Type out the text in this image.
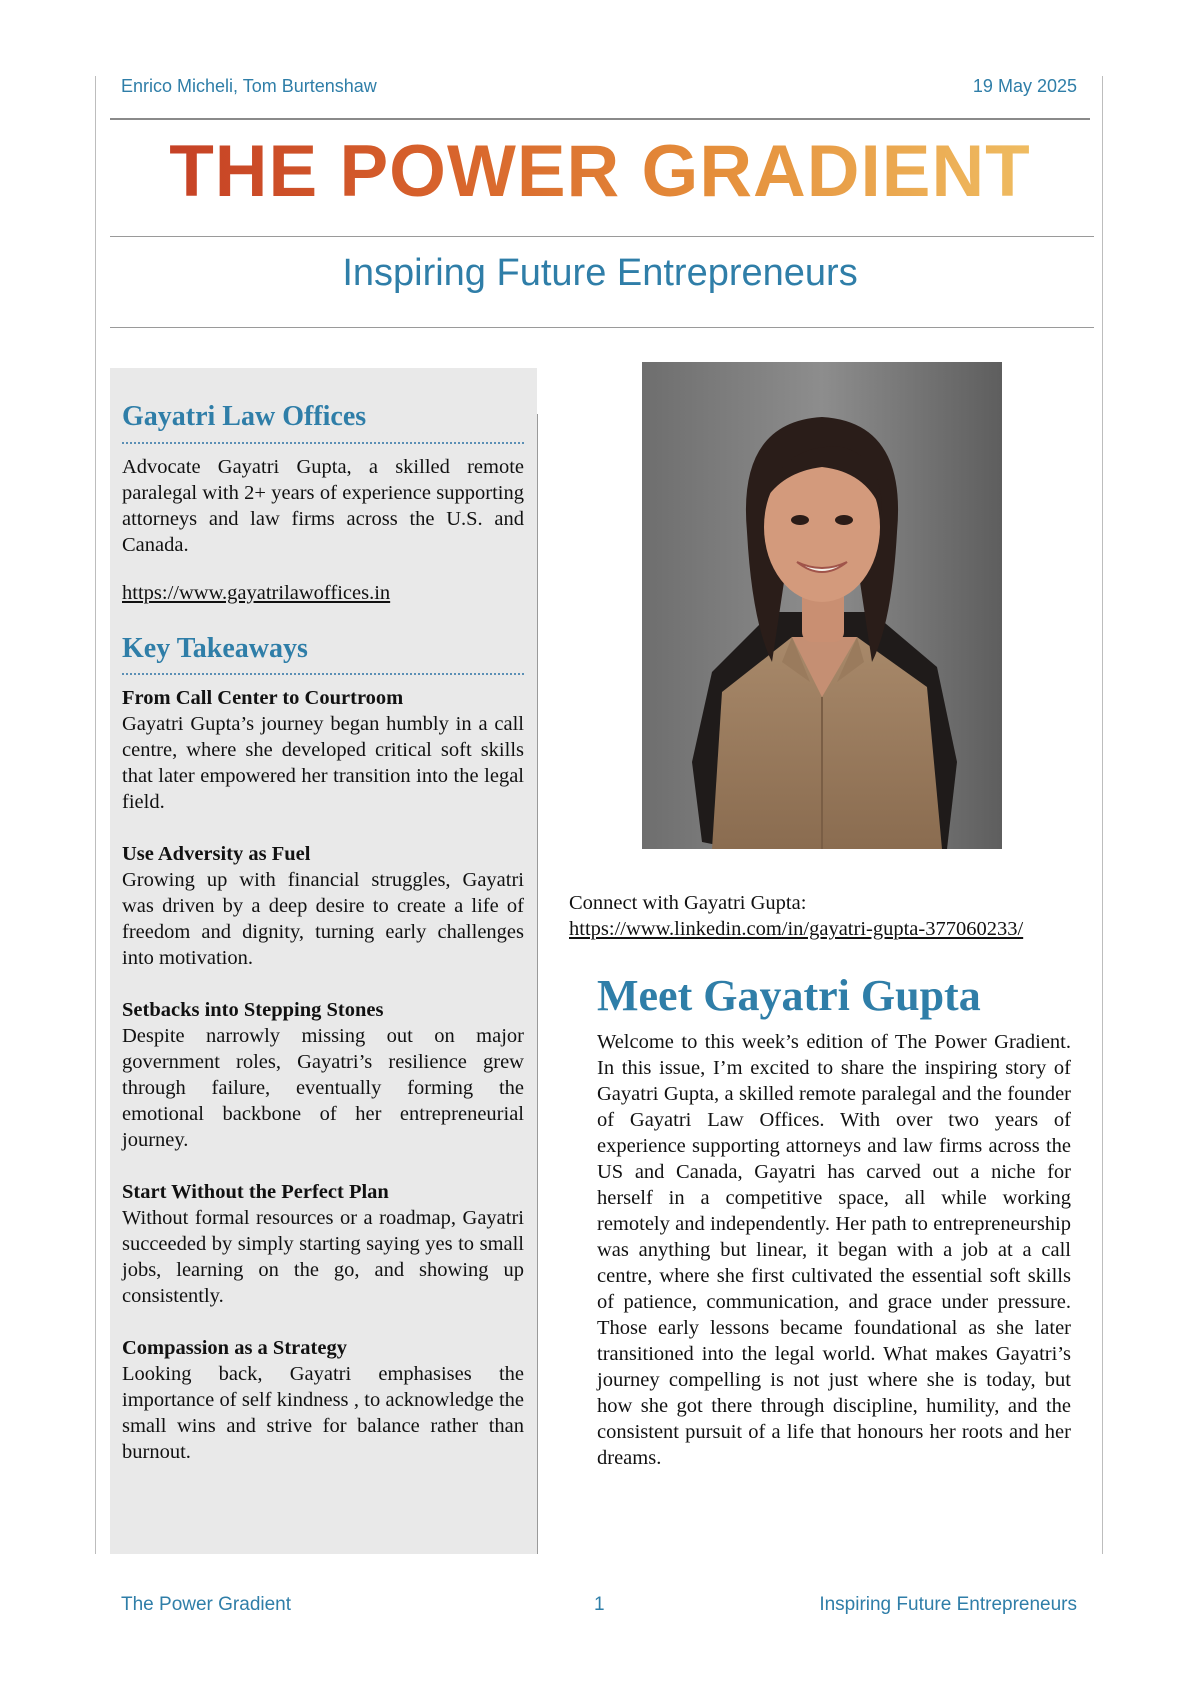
Enrico Micheli, Tom Burtenshaw	19 May 2025
THE POWER GRADIENT
Inspiring Future Entrepreneurs
Gayatri Law Offices

Advocate Gayatri Gupta, a skilled remote paralegal with 2+ years of experience supporting attorneys and law firms across the U.S. and Canada.

https://www.gayatrilawoffices.in
Key Takeaways

From Call Center to Courtroom

Gayatri Gupta’s journey began humbly in a call centre, where she developed critical soft skills that later empowered her transition into the legal field.

Use Adversity as Fuel

Growing up with financial struggles, Gayatri was driven by a deep desire to create a life of freedom and dignity, turning early challenges into motivation.

Setbacks into Stepping Stones

Despite narrowly missing out on major government roles, Gayatri’s resilience grew through failure, eventually forming the emotional backbone of her entrepreneurial journey.

Start Without the Perfect Plan

Without formal resources or a roadmap, Gayatri succeeded by simply starting saying yes to small jobs, learning on the go, and showing up consistently.

Compassion as a Strategy

Looking back, Gayatri emphasises the importance of self kindness , to acknowledge the small wins and strive for balance rather than burnout.

Connect with Gayatri Gupta:
https://www.linkedin.com/in/gayatri-gupta-377060233/
Meet Gayatri Gupta

Welcome to this week’s edition of The Power Gradient. In this issue, I’m excited to share the inspiring story of Gayatri Gupta, a skilled remote paralegal and the founder of Gayatri Law Offices. With over two years of experience supporting attorneys and law firms across the US and Canada, Gayatri has carved out a niche for herself in a competitive space, all while working remotely and independently. Her path to entrepreneurship was anything but linear, it began with a job at a call centre, where she first cultivated the essential soft skills of patience, communication, and grace under pressure. Those early lessons became foundational as she later transitioned into the legal world. What makes Gayatri’s journey compelling is not just where she is today, but how she got there through discipline, humility, and the consistent pursuit of a life that honours her roots and her dreams.

The Power Gradient	1	Inspiring Future Entrepreneurs
